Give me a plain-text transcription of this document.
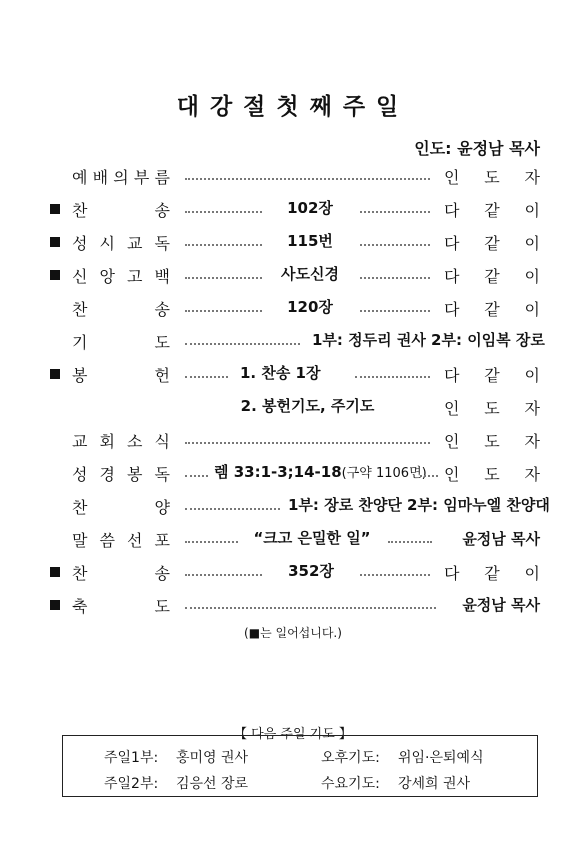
대강절첫째주일
인도: 윤정남 목사
예 배 의 부 름	인 도 자
찬	송	102장	다 같 이
성 시 교 독	115번	다 같 이
신 앙 고 백	사도신경	다 같 이
찬	송	120장	다 같 이
기	도	1부: 정두리 권사 2부: 이임복 장로
봉	헌	1. 찬송 1장	다 같 이
2. 봉헌기도, 주기도	인 도 자
교 회 소 식	인 도 자
성 경 봉 독	렘 33:1-3;14-18(구약 1106면) 인 도 자
찬	양	1부: 장로 찬양단 2부: 임마누엘 찬양대
말 씀 선 포	“크고 은밀한 일”	윤정남 목사
찬	송	352장	다 같 이
축	도	윤정남 목사
(■는 일어섭니다.)
【 다음 주일 기도 】
주일1부: 홍미영 권사	오후기도: 위임·은퇴예식
주일2부: 김응선 장로	수요기도: 강세희 권사
